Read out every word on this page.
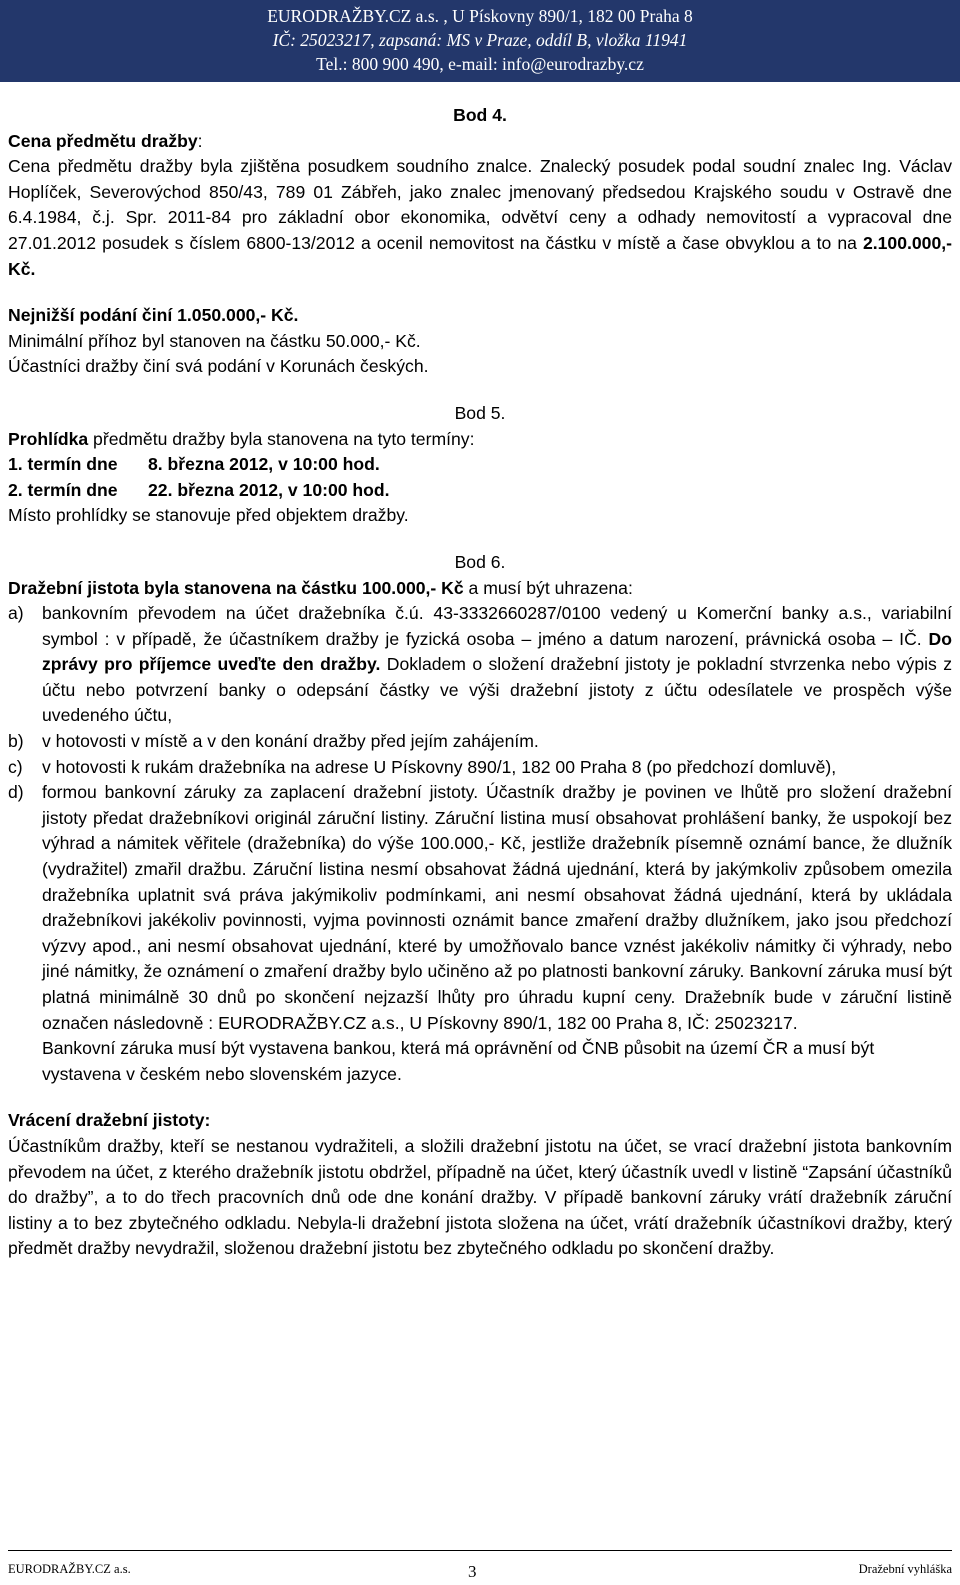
EURODRAŽBY.CZ a.s. , U Pískovny 890/1, 182 00 Praha 8
IČ: 25023217, zapsaná: MS v Praze, oddíl B, vložka 11941
Tel.: 800 900 490, e-mail: info@eurodrazby.cz

Bod 4.

Cena předmětu dražby:

Cena předmětu dražby byla zjištěna posudkem soudního znalce. Znalecký posudek podal soudní znalec Ing. Václav Hoplíček, Severovýchod 850/43, 789 01 Zábřeh, jako znalec jmenovaný předsedou Krajského soudu v Ostravě dne 6.4.1984, č.j. Spr. 2011-84 pro základní obor ekonomika, odvětví ceny a odhady nemovitostí a vypracoval dne 27.01.2012 posudek s číslem 6800-13/2012 a ocenil nemovitost na částku v místě a čase obvyklou a to na 2.100.000,- Kč.

Nejnižší podání činí 1.050.000,- Kč.

Minimální příhoz byl stanoven na částku 50.000,- Kč.

Účastníci dražby činí svá podání v Korunách českých.

Bod 5.

Prohlídka předmětu dražby byla stanovena na tyto termíny:

1. termín dne	8. března 2012, v 10:00 hod.
2. termín dne	22. března 2012, v 10:00 hod.

Místo prohlídky se stanovuje před objektem dražby.

Bod 6.

Dražební jistota byla stanovena na částku 100.000,- Kč a musí být uhrazena:

a)	bankovním převodem na účet dražebníka č.ú. 43-3332660287/0100 vedený u Komerční banky a.s., variabilní symbol : v případě, že účastníkem dražby je fyzická osoba – jméno a datum narození, právnická osoba – IČ. Do zprávy pro příjemce uveďte den dražby. Dokladem o složení dražební jistoty je pokladní stvrzenka nebo výpis z účtu nebo potvrzení banky o odepsání částky ve výši dražební jistoty z účtu odesílatele ve prospěch výše uvedeného účtu,
b)	v hotovosti v místě a v den konání dražby před jejím zahájením.
c)	v hotovosti k rukám dražebníka na adrese U Pískovny 890/1, 182 00 Praha 8 (po předchozí domluvě),
d)	formou bankovní záruky za zaplacení dražební jistoty. Účastník dražby je povinen ve lhůtě pro složení dražební jistoty předat dražebníkovi originál záruční listiny. Záruční listina musí obsahovat prohlášení banky, že uspokojí bez výhrad a námitek věřitele (dražebníka) do výše 100.000,- Kč, jestliže dražebník písemně oznámí bance, že dlužník (vydražitel) zmařil dražbu. Záruční listina nesmí obsahovat žádná ujednání, která by jakýmkoliv způsobem omezila dražebníka uplatnit svá práva jakýmikoliv podmínkami, ani nesmí obsahovat žádná ujednání, která by ukládala dražebníkovi jakékoliv povinnosti, vyjma povinnosti oznámit bance zmaření dražby dlužníkem, jako jsou předchozí výzvy apod., ani nesmí obsahovat ujednání, které by umožňovalo bance vznést jakékoliv námitky či výhrady, nebo jiné námitky, že oznámení o zmaření dražby bylo učiněno až po platnosti bankovní záruky. Bankovní záruka musí být platná minimálně 30 dnů po skončení nejzazší lhůty pro úhradu kupní ceny. Dražebník bude v záruční listině označen následovně : EURODRAŽBY.CZ a.s., U Pískovny 890/1, 182 00 Praha 8, IČ: 25023217.
Bankovní záruka musí být vystavena bankou, která má oprávnění od ČNB působit na území ČR a musí být vystavena v českém nebo slovenském jazyce.

Vrácení dražební jistoty:

Účastníkům dražby, kteří se nestanou vydražiteli, a složili dražební jistotu na účet, se vrací dražební jistota bankovním převodem na účet, z kterého dražebník jistotu obdržel, případně na účet, který účastník uvedl v listině “Zapsání účastníků do dražby”, a to do třech pracovních dnů ode dne konání dražby. V případě bankovní záruky vrátí dražebník záruční listiny a to bez zbytečného odkladu. Nebyla-li dražební jistota složena na účet, vrátí dražebník účastníkovi dražby, který předmět dražby nevydražil, složenou dražební jistotu bez zbytečného odkladu po skončení dražby.

EURODRAŽBY.CZ a.s.	3	Dražební vyhláška
